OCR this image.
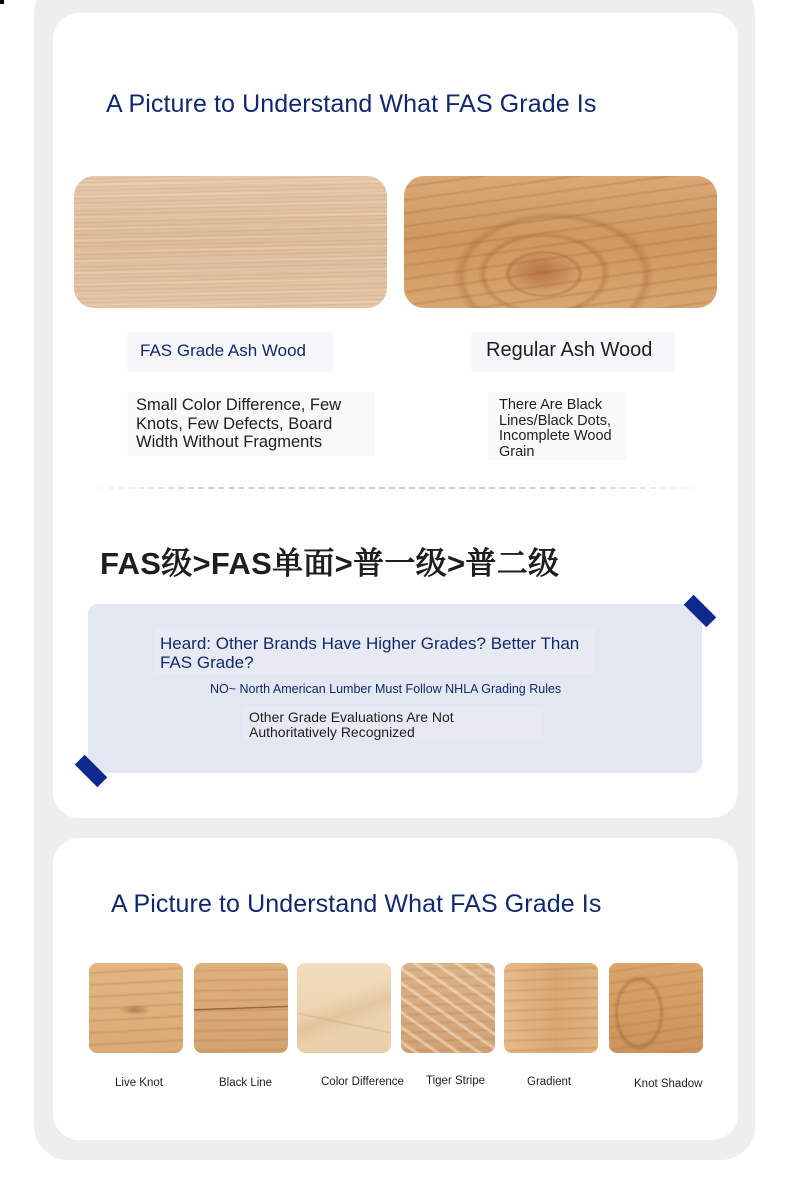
A Picture to Understand What FAS Grade Is
FAS Grade Ash Wood	Regular Ash Wood
Small Color Difference, Few Knots, Few Defects, Board Width Without Fragments
There Are Black Lines/Black Dots, Incomplete Wood Grain
FAS级>FAS单面>普一级>普二级
Heard: Other Brands Have Higher Grades? Better Than FAS Grade?
NO~ North American Lumber Must Follow NHLA Grading Rules
Other Grade Evaluations Are Not Authoritatively Recognized
A Picture to Understand What FAS Grade Is
Live Knot	Black Line	Color Difference Tiger Stripe	Gradient	Knot Shadow
